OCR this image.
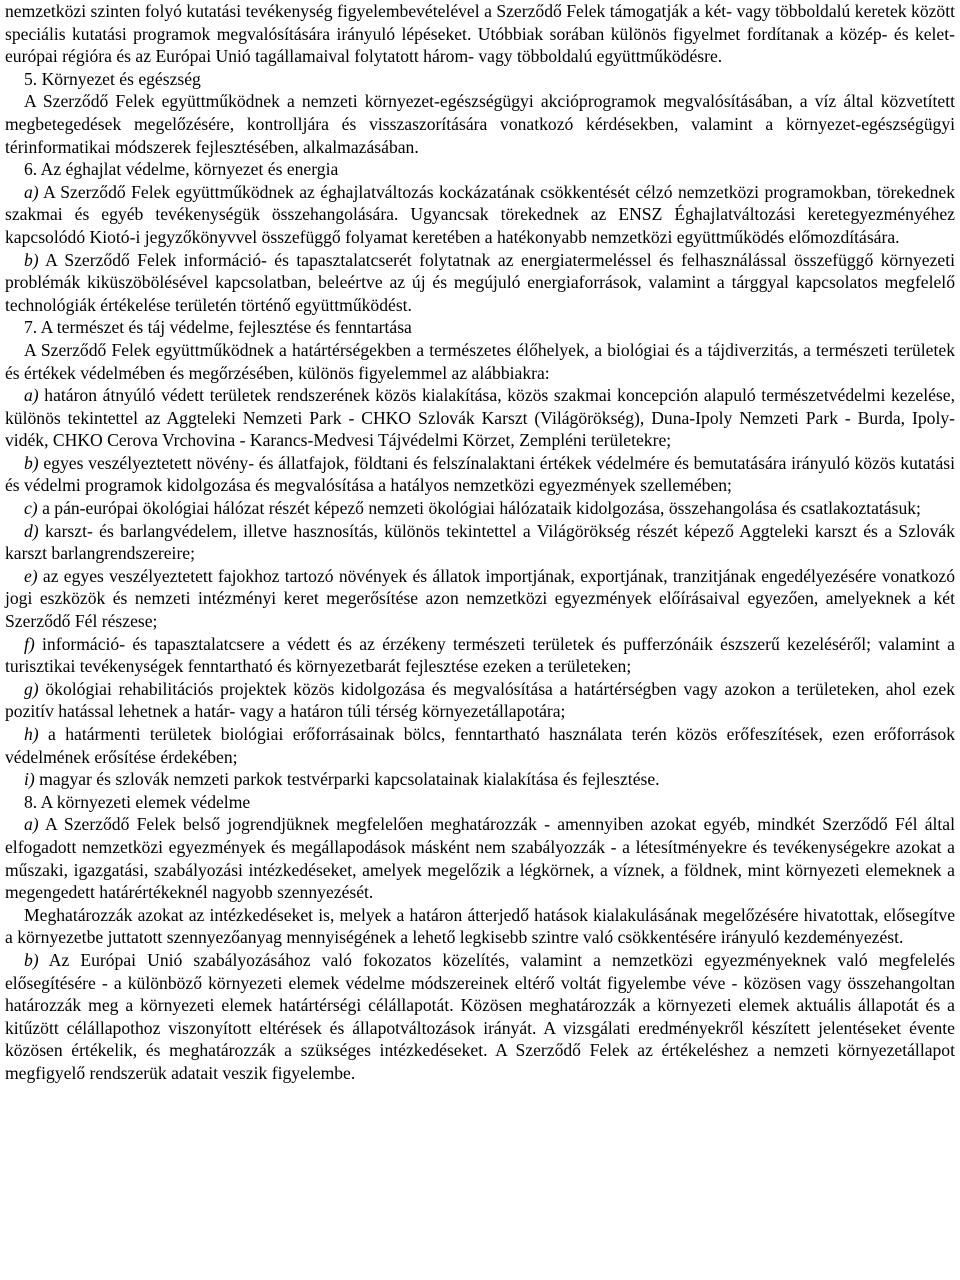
nemzetközi szinten folyó kutatási tevékenység figyelembevételével a Szerződő Felek támogatják a két- vagy többoldalú keretek között speciális kutatási programok megvalósítására irányuló lépéseket. Utóbbiak sorában különös figyelmet fordítanak a közép- és kelet-európai régióra és az Európai Unió tagállamaival folytatott három- vagy többoldalú együttműködésre.

5. Környezet és egészség

A Szerződő Felek együttműködnek a nemzeti környezet-egészségügyi akcióprogramok megvalósításában, a víz által közvetített megbetegedések megelőzésére, kontrolljára és visszaszorítására vonatkozó kérdésekben, valamint a környezet-egészségügyi térinformatikai módszerek fejlesztésében, alkalmazásában.

6. Az éghajlat védelme, környezet és energia

a) A Szerződő Felek együttműködnek az éghajlatváltozás kockázatának csökkentését célzó nemzetközi programokban, törekednek szakmai és egyéb tevékenységük összehangolására. Ugyancsak törekednek az ENSZ Éghajlatváltozási keretegyezményéhez kapcsolódó Kiotó-i jegyzőkönyvvel összefüggő folyamat keretében a hatékonyabb nemzetközi együttműködés előmozdítására.

b) A Szerződő Felek információ- és tapasztalatcserét folytatnak az energiatermeléssel és felhasználással összefüggő környezeti problémák kiküszöbölésével kapcsolatban, beleértve az új és megújuló energiaforrások, valamint a tárggyal kapcsolatos megfelelő technológiák értékelése területén történő együttműködést.

7. A természet és táj védelme, fejlesztése és fenntartása

A Szerződő Felek együttműködnek a határtérségekben a természetes élőhelyek, a biológiai és a tájdiverzitás, a természeti területek és értékek védelmében és megőrzésében, különös figyelemmel az alábbiakra:

a) határon átnyúló védett területek rendszerének közös kialakítása, közös szakmai koncepción alapuló természetvédelmi kezelése, különös tekintettel az Aggteleki Nemzeti Park - CHKO Szlovák Karszt (Világörökség), Duna-Ipoly Nemzeti Park - Burda, Ipoly-vidék, CHKO Cerova Vrchovina - Karancs-Medvesi Tájvédelmi Körzet, Zempléni területekre;

b) egyes veszélyeztetett növény- és állatfajok, földtani és felszínalaktani értékek védelmére és bemutatására irányuló közös kutatási és védelmi programok kidolgozása és megvalósítása a hatályos nemzetközi egyezmények szellemében;

c) a pán-európai ökológiai hálózat részét képező nemzeti ökológiai hálózataik kidolgozása, összehangolása és csatlakoztatásuk;

d) karszt- és barlangvédelem, illetve hasznosítás, különös tekintettel a Világörökség részét képező Aggteleki karszt és a Szlovák karszt barlangrendszereire;

e) az egyes veszélyeztetett fajokhoz tartozó növények és állatok importjának, exportjának, tranzitjának engedélyezésére vonatkozó jogi eszközök és nemzeti intézményi keret megerősítése azon nemzetközi egyezmények előírásaival egyezően, amelyeknek a két Szerződő Fél részese;

f) információ- és tapasztalatcsere a védett és az érzékeny természeti területek és pufferzónáik észszerű kezeléséről; valamint a turisztikai tevékenységek fenntartható és környezetbarát fejlesztése ezeken a területeken;

g) ökológiai rehabilitációs projektek közös kidolgozása és megvalósítása a határtérségben vagy azokon a területeken, ahol ezek pozitív hatással lehetnek a határ- vagy a határon túli térség környezetállapotára;

h) a határmenti területek biológiai erőforrásainak bölcs, fenntartható használata terén közös erőfeszítések, ezen erőforrások védelmének erősítése érdekében;

i) magyar és szlovák nemzeti parkok testvérparki kapcsolatainak kialakítása és fejlesztése.

8. A környezeti elemek védelme

a) A Szerződő Felek belső jogrendjüknek megfelelően meghatározzák - amennyiben azokat egyéb, mindkét Szerződő Fél által elfogadott nemzetközi egyezmények és megállapodások másként nem szabályozzák - a létesítményekre és tevékenységekre azokat a műszaki, igazgatási, szabályozási intézkedéseket, amelyek megelőzik a légkörnek, a víznek, a földnek, mint környezeti elemeknek a megengedett határértékeknél nagyobb szennyezését.

Meghatározzák azokat az intézkedéseket is, melyek a határon átterjedő hatások kialakulásának megelőzésére hivatottak, elősegítve a környezetbe juttatott szennyezőanyag mennyiségének a lehető legkisebb szintre való csökkentésére irányuló kezdeményezést.

b) Az Európai Unió szabályozásához való fokozatos közelítés, valamint a nemzetközi egyezményeknek való megfelelés elősegítésére - a különböző környezeti elemek védelme módszereinek eltérő voltát figyelembe véve - közösen vagy összehangoltan határozzák meg a környezeti elemek határtérségi célállapotát. Közösen meghatározzák a környezeti elemek aktuális állapotát és a kitűzött célállapothoz viszonyított eltérések és állapotváltozások irányát. A vizsgálati eredményekről készített jelentéseket évente közösen értékelik, és meghatározzák a szükséges intézkedéseket. A Szerződő Felek az értékeléshez a nemzeti környezetállapot megfigyelő rendszerük adatait veszik figyelembe.
